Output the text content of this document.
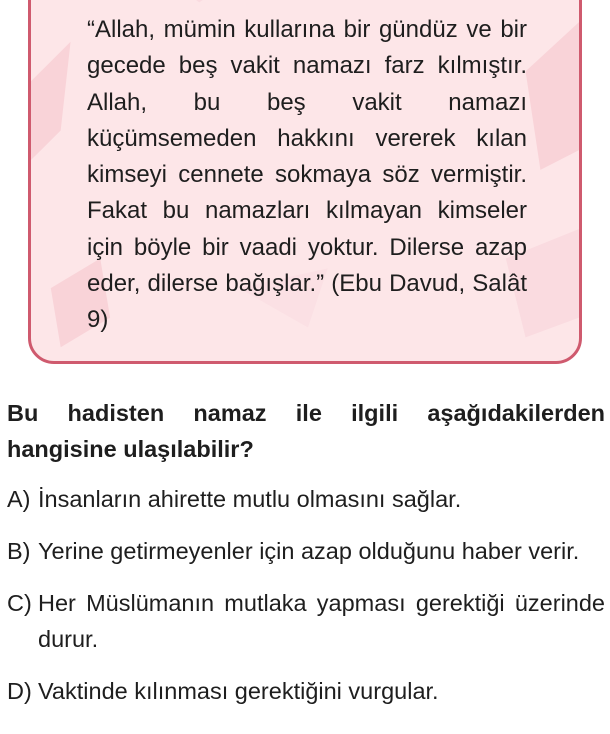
“Allah, mümin kullarına bir gündüz ve bir gecede beş vakit namazı farz kılmıştır. Allah, bu beş vakit namazı küçümsemeden hakkını vererek kılan kimseyi cennete sokmaya söz vermiştir. Fakat bu namazları kılmayan kimseler için böyle bir vaadi yoktur. Dilerse azap eder, dilerse bağışlar.” (Ebu Davud, Salât 9)

Bu hadisten namaz ile ilgili aşağıdakilerden hangisine ulaşılabilir?

A) İnsanların ahirette mutlu olmasını sağlar.
B) Yerine getirmeyenler için azap olduğunu haber verir.
C) Her Müslümanın mutlaka yapması gerektiği üzerinde durur.
D) Vaktinde kılınması gerektiğini vurgular.
